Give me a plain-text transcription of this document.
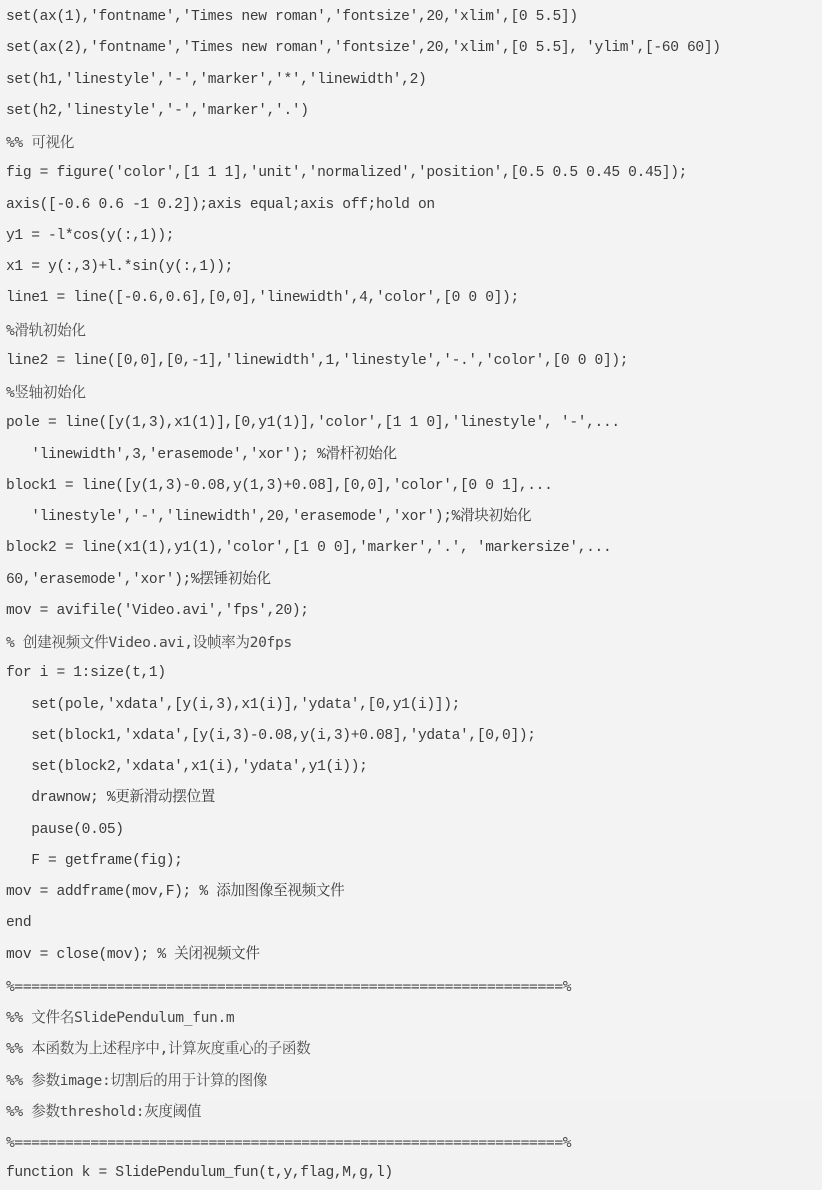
set(ax(1),'fontname','Times new roman','fontsize',20,'xlim',[0 5.5])
set(ax(2),'fontname','Times new roman','fontsize',20,'xlim',[0 5.5], 'ylim',[-60 60])
set(h1,'linestyle','-','marker','*','linewidth',2)
set(h2,'linestyle','-','marker','.')
%% 可视化
fig = figure('color',[1 1 1],'unit','normalized','position',[0.5 0.5 0.45 0.45]);
axis([-0.6 0.6 -1 0.2]);axis equal;axis off;hold on
y1 = -l*cos(y(:,1));
x1 = y(:,3)+l.*sin(y(:,1));
line1 = line([-0.6,0.6],[0,0],'linewidth',4,'color',[0 0 0]);
%滑轨初始化
line2 = line([0,0],[0,-1],'linewidth',1,'linestyle','-.','color',[0 0 0]);
%竖轴初始化
pole = line([y(1,3),x1(1)],[0,y1(1)],'color',[1 1 0],'linestyle', '-',...
'linewidth',3,'erasemode','xor'); %滑杆初始化
block1 = line([y(1,3)-0.08,y(1,3)+0.08],[0,0],'color',[0 0 1],...
'linestyle','-','linewidth',20,'erasemode','xor');%滑块初始化
block2 = line(x1(1),y1(1),'color',[1 0 0],'marker','.', 'markersize',...
60,'erasemode','xor');%摆锤初始化
mov = avifile('Video.avi','fps',20);
% 创建视频文件Video.avi,设帧率为20fps
for i = 1:size(t,1)
set(pole,'xdata',[y(i,3),x1(i)],'ydata',[0,y1(i)]);
set(block1,'xdata',[y(i,3)-0.08,y(i,3)+0.08],'ydata',[0,0]);
set(block2,'xdata',x1(i),'ydata',y1(i));
drawnow; %更新滑动摆位置
pause(0.05)
F = getframe(fig);
mov = addframe(mov,F); % 添加图像至视频文件
end
mov = close(mov); % 关闭视频文件
%=================================================================%
%% 文件名SlidePendulum_fun.m
%% 本函数为上述程序中,计算灰度重心的子函数
%% 参数image:切割后的用于计算的图像
%% 参数threshold:灰度阈值
%=================================================================%
function k = SlidePendulum_fun(t,y,flag,M,g,l)
